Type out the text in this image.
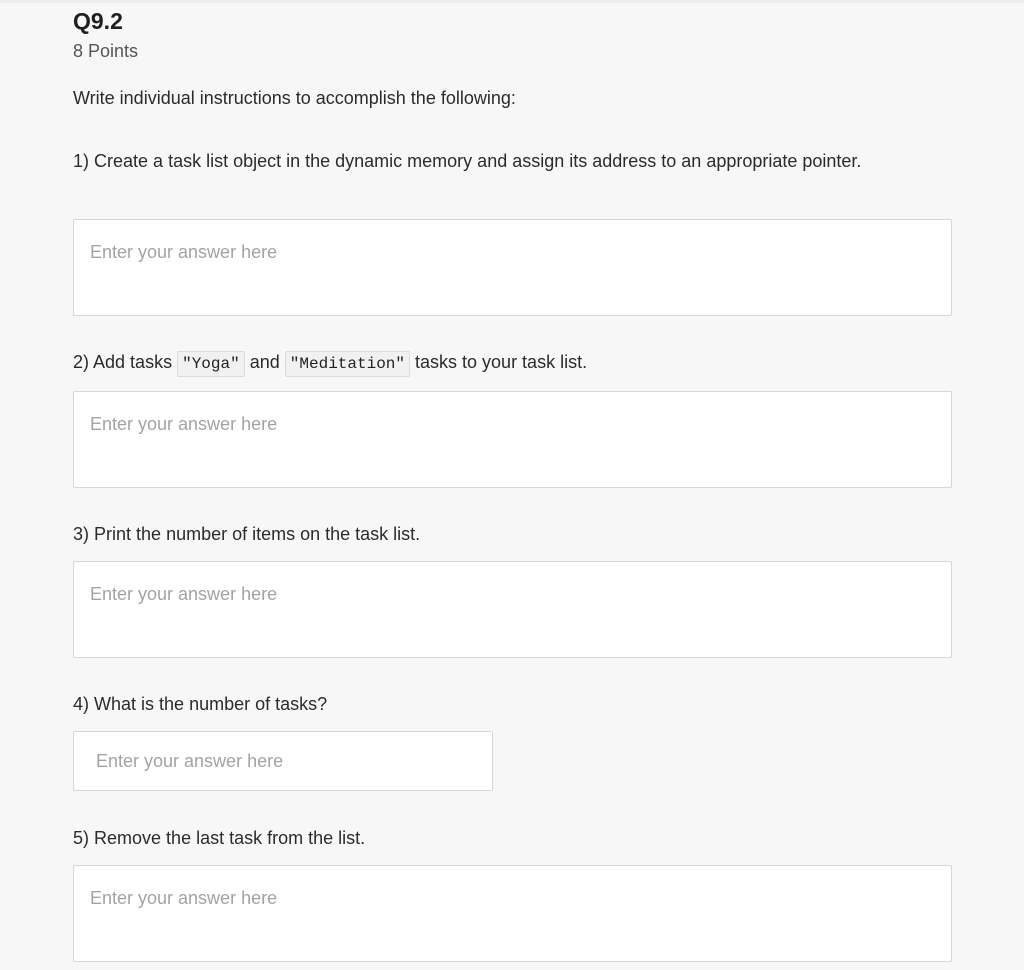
Q9.2
8 Points
Write individual instructions to accomplish the following:
1) Create a task list object in the dynamic memory and assign its address to an appropriate pointer.
Enter your answer here
2) Add tasks "Yoga" and "Meditation" tasks to your task list.
Enter your answer here
3) Print the number of items on the task list.
Enter your answer here
4) What is the number of tasks?
Enter your answer here
5) Remove the last task from the list.
Enter your answer here
